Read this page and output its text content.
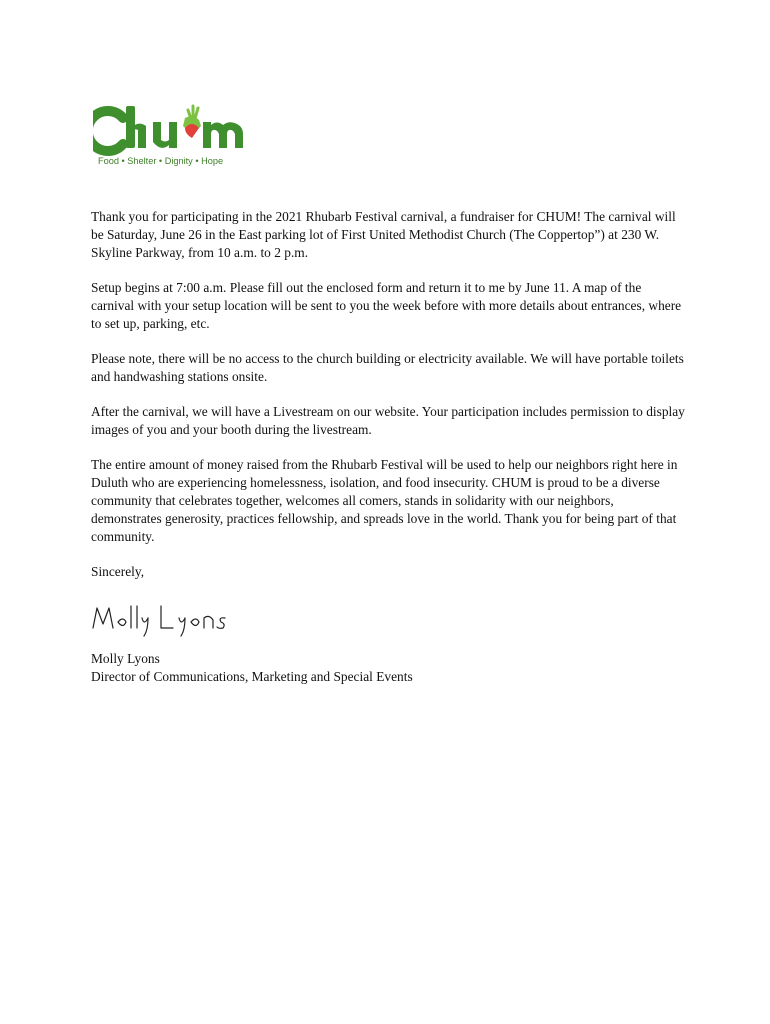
Food • Shelter • Dignity • Hope

Thank you for participating in the 2021 Rhubarb Festival carnival, a fundraiser for CHUM! The carnival will be Saturday, June 26 in the East parking lot of First United Methodist Church (The Coppertop”) at 230 W. Skyline Parkway, from 10 a.m. to 2 p.m.

Setup begins at 7:00 a.m. Please fill out the enclosed form and return it to me by June 11. A map of the carnival with your setup location will be sent to you the week before with more details about entrances, where to set up, parking, etc.

Please note, there will be no access to the church building or electricity available. We will have portable toilets and handwashing stations onsite.

After the carnival, we will have a Livestream on our website. Your participation includes permission to display images of you and your booth during the livestream.

The entire amount of money raised from the Rhubarb Festival will be used to help our neighbors right here in Duluth who are experiencing homelessness, isolation, and food insecurity. CHUM is proud to be a diverse community that celebrates together, welcomes all comers, stands in solidarity with our neighbors, demonstrates generosity, practices fellowship, and spreads love in the world. Thank you for being part of that community.

Sincerely,

Molly Lyons

Director of Communications, Marketing and Special Events
